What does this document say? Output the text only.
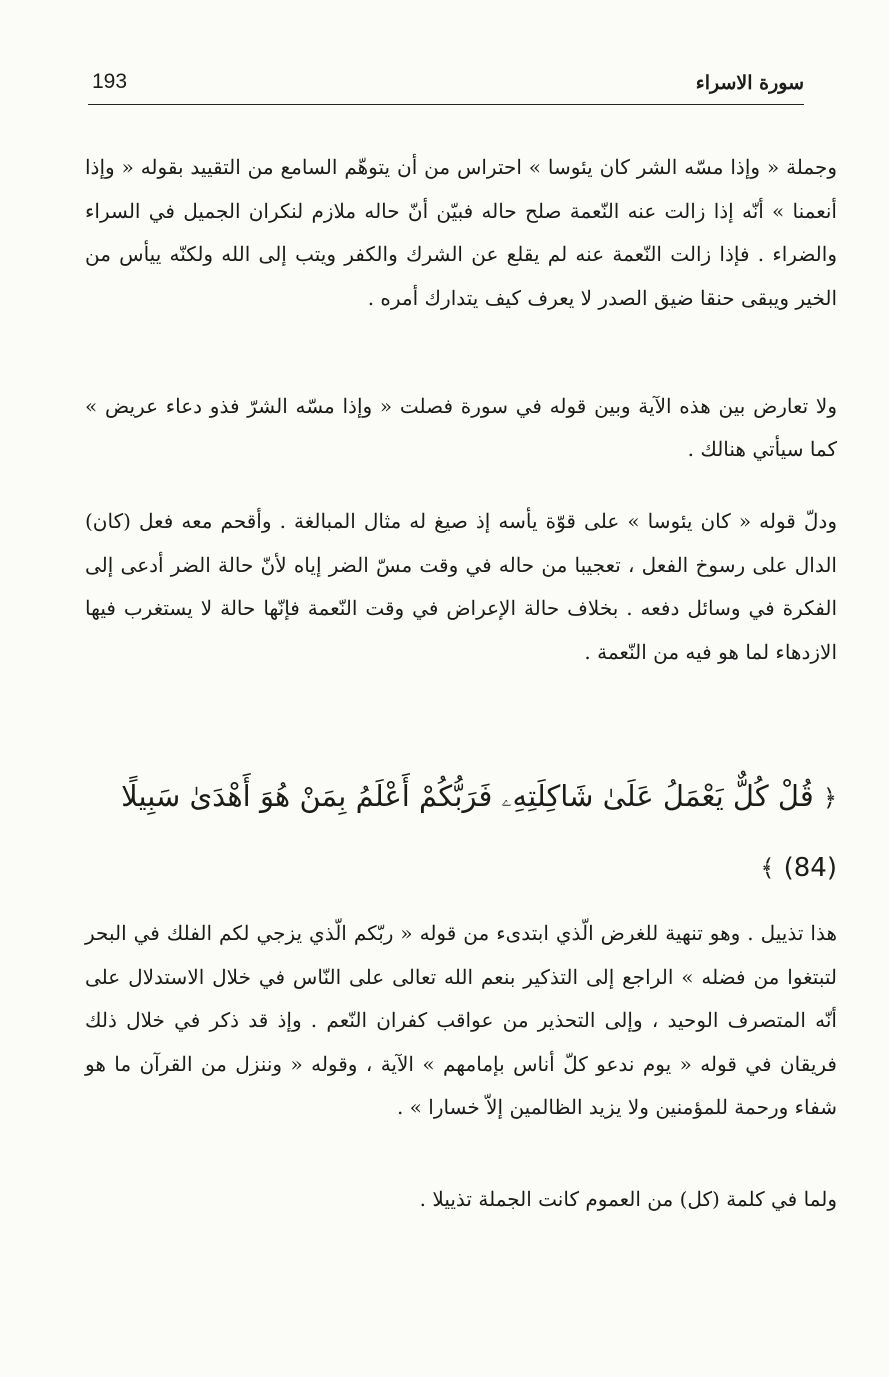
193	سورة الاسراء

وجملة « وإذا مسّه الشر كان يئوسا » احتراس من أن يتوهّم السامع من التقييد بقوله « وإذا أنعمنا » أنّه إذا زالت عنه النّعمة صلح حاله فبيّن أنّ حاله ملازم لنكران الجميل في السراء والضراء . فإذا زالت النّعمة عنه لم يقلع عن الشرك والكفر ويتب إلى الله ولكنّه ييأس من الخير ويبقى حنقا ضيق الصدر لا يعرف كيف يتدارك أمره .

ولا تعارض بين هذه الآية وبين قوله في سورة فصلت « وإذا مسّه الشرّ فذو دعاء عريض » كما سيأتي هنالك .

ودلّ قوله « كان يئوسا » على قوّة يأسه إذ صيغ له مثال المبالغة . وأقحم معه فعل (كان) الدال على رسوخ الفعل ، تعجيبا من حاله في وقت مسّ الضر إياه لأنّ حالة الضر أدعى إلى الفكرة في وسائل دفعه . بخلاف حالة الإعراض في وقت النّعمة فإنّها حالة لا يستغرب فيها الازدهاء لما هو فيه من النّعمة .

﴿ قُلْ كُلٌّ يَعْمَلُ عَلَىٰ شَاكِلَتِهِۦ فَرَبُّكُمْ أَعْلَمُ بِمَنْ هُوَ أَهْدَىٰ سَبِيلًا (84) ﴾

هذا تذييل . وهو تنهية للغرض الّذي ابتدىء من قوله « ربّكم الّذي يزجي لكم الفلك في البحر لتبتغوا من فضله » الراجع إلى التذكير بنعم الله تعالى على النّاس في خلال الاستدلال على أنّه المتصرف الوحيد ، وإلى التحذير من عواقب كفران النّعم . وإذ قد ذكر في خلال ذلك فريقان في قوله « يوم ندعو كلّ أناس بإمامهم » الآية ، وقوله « وننزل من القرآن ما هو شفاء ورحمة للمؤمنين ولا يزيد الظالمين إلاّ خسارا » .

ولما في كلمة (كل) من العموم كانت الجملة تذييلا .
